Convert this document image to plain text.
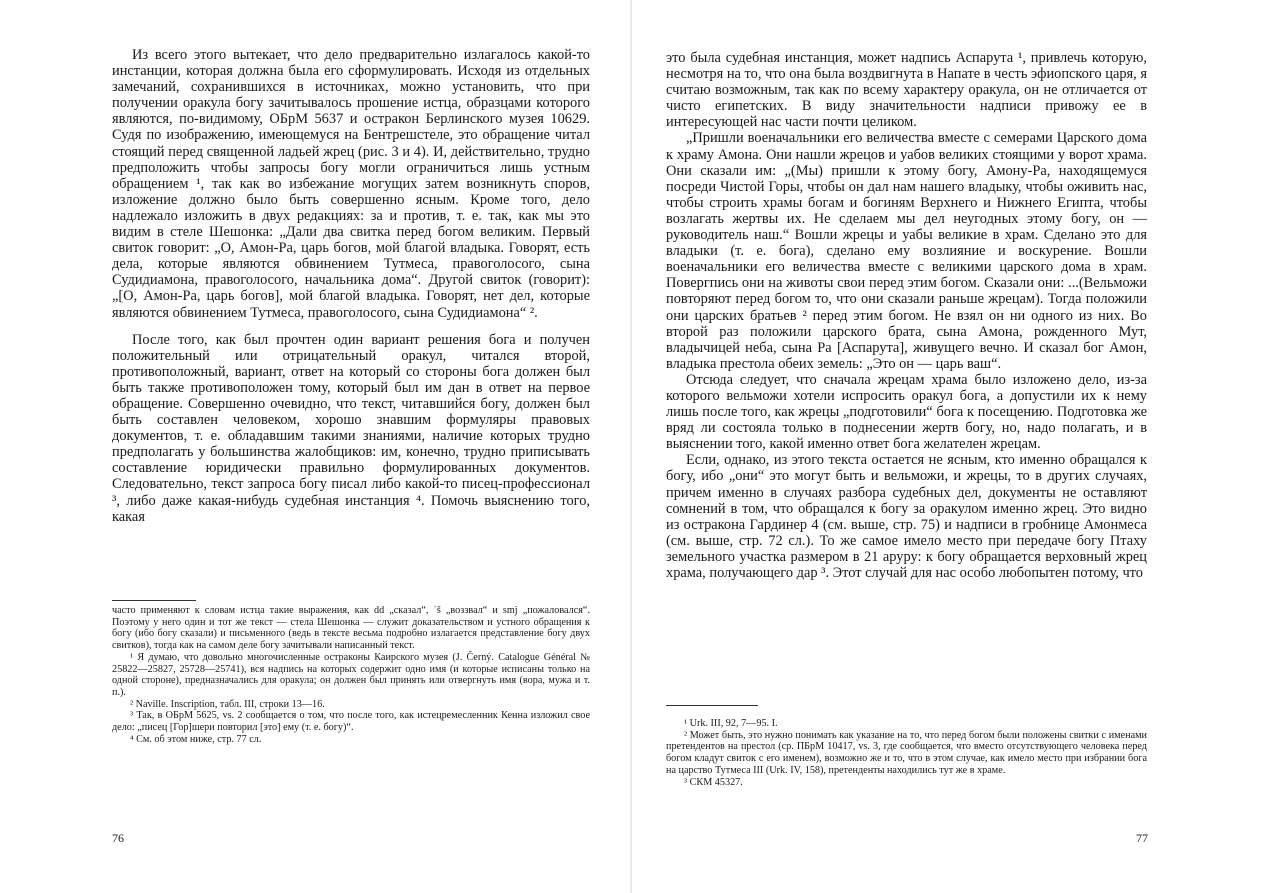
Из всего этого вытекает, что дело предварительно излагалось какой-то инстанции, которая должна была его сформулировать. Исходя из отдельных замечаний, сохранившихся в источниках, можно установить, что при получении оракула богу зачитывалось прошение истца, образцами которого являются, по-видимому, ОБрМ 5637 и остракон Берлинского музея 10629. Судя по изображению, имеющемуся на Бентрешстеле, это обращение читал стоящий перед священной ладьей жрец (рис. 3 и 4). И, действительно, трудно предположить чтобы запросы богу могли ограничиться лишь устным обращением ¹, так как во избежание могущих затем возникнуть споров, изложение должно было быть совершенно ясным. Кроме того, дело надлежало изложить в двух редакциях: за и против, т. е. так, как мы это видим в стеле Шешонка: „Дали два свитка перед богом великим. Первый свиток говорит: „О, Амон-Ра, царь богов, мой благой владыка. Говорят, есть дела, которые являются обвинением Тутмеса, правоголосого, сына Судидиамона, правоголосого, начальника дома“. Другой свиток (говорит): „[О, Амон-Ра, царь богов], мой благой владыка. Говорят, нет дел, которые являются обвинением Тутмеса, правоголосого, сына Судидиамона“ ².

После того, как был прочтен один вариант решения бога и получен положительный или отрицательный оракул, читался второй, противоположный, вариант, ответ на который со стороны бога должен был быть также противоположен тому, который был им дан в ответ на первое обращение. Совершенно очевидно, что текст, читавшийся богу, должен был быть составлен человеком, хорошо знавшим формуляры правовых документов, т. е. обладавшим такими знаниями, наличие которых трудно предполагать у большинства жалобщиков: им, конечно, трудно приписывать составление юридически правильно формулированных документов. Следовательно, текст запроса богу писал либо какой-то писец-профессионал ³, либо даже какая-нибудь судебная инстанция ⁴. Помочь выяснению того, какая

часто применяют к словам истца такие выражения, как dd „сказал“, ʿš „воззвал“ и smj „пожаловался“. Поэтому у него один и тот же текст — стела Шешонка — служит доказательством и устного обращения к богу (ибо богу сказали) и письменного (ведь в тексте весьма подробно излагается представление богу двух свитков), тогда как на самом деле богу зачитывали написанный текст.

¹ Я думаю, что довольно многочисленные остраконы Каирского музея (J. Černý. Catalogue Général № 25822—25827, 25728—25741), вся надпись на которых содержит одно имя (и которые исписаны только на одной стороне), предназначались для оракула; он должен был принять или отвергнуть имя (вора, мужа и т. п.).

² Naville. Inscription, табл. III, строки 13—16.

³ Так, в ОБрМ 5625, vs. 2 сообщается о том, что после того, как истецремесленник Кенна изложил свое дело: „писец [Гор]шери повторил [это] ему (т. е. богу)“.

⁴ См. об этом ниже, стр. 77 сл.

76

это была судебная инстанция, может надпись Аспарута ¹, привлечь которую, несмотря на то, что она была воздвигнута в Напате в честь эфиопского царя, я считаю возможным, так как по всему характеру оракула, он не отличается от чисто египетских. В виду значительности надписи привожу ее в интересующей нас части почти целиком.

„Пришли военачальники его величества вместе с семерами Царского дома к храму Амона. Они нашли жрецов и уабов великих стоящими у ворот храма. Они сказали им: „(Мы) пришли к этому богу, Амону-Ра, находящемуся посреди Чистой Горы, чтобы он дал нам нашего владыку, чтобы оживить нас, чтобы строить храмы богам и богиням Верхнего и Нижнего Египта, чтобы возлагать жертвы их. Не сделаем мы дел неугодных этому богу, он — руководитель наш.“ Вошли жрецы и уабы великие в храм. Сделано это для владыки (т. е. бога), сделано ему возлияние и воскурение. Вошли военачальники его величества вместе с великими царского дома в храм. Повергпись они на животы свои перед этим богом. Сказали они: ...(Вельможи повторяют перед богом то, что они сказали раньше жрецам). Тогда положили они царских братьев ² перед этим богом. Не взял он ни одного из них. Во второй раз положили царского брата, сына Амона, рожденного Мут, владычицей неба, сына Ра [Аспарута], живущего вечно. И сказал бог Амон, владыка престола обеих земель: „Это он — царь ваш“.

Отсюда следует, что сначала жрецам храма было изложено дело, из-за которого вельможи хотели испросить оракул бога, а допустили их к нему лишь после того, как жрецы „подготовили“ бога к посещению. Подготовка же вряд ли состояла только в поднесении жертв богу, но, надо полагать, и в выяснении того, какой именно ответ бога желателен жрецам.

Если, однако, из этого текста остается не ясным, кто именно обращался к богу, ибо „они“ это могут быть и вельможи, и жрецы, то в других случаях, причем именно в случаях разбора судебных дел, документы не оставляют сомнений в том, что обращался к богу за оракулом именно жрец. Это видно из остракона Гардинер 4 (см. выше, стр. 75) и надписи в гробнице Амонмеса (см. выше, стр. 72 сл.). То же самое имело место при передаче богу Птаху земельного участка размером в 21 аруру: к богу обращается верховный жрец храма, получающего дар ³. Этот случай для нас особо любопытен потому, что

¹ Urk. III, 92, 7—95. I.

² Может быть, это нужно понимать как указание на то, что перед богом были положены свитки с именами претендентов на престол (ср. ПБрМ 10417, vs. 3, где сообщается, что вместо отсутствующего человека перед богом кладут свиток с его именем), возможно же и то, что в этом случае, как имело место при избрании бога на царство Тутмеса III (Urk. IV, 158), претенденты находились тут же в храме.

³ СКМ 45327.

77
